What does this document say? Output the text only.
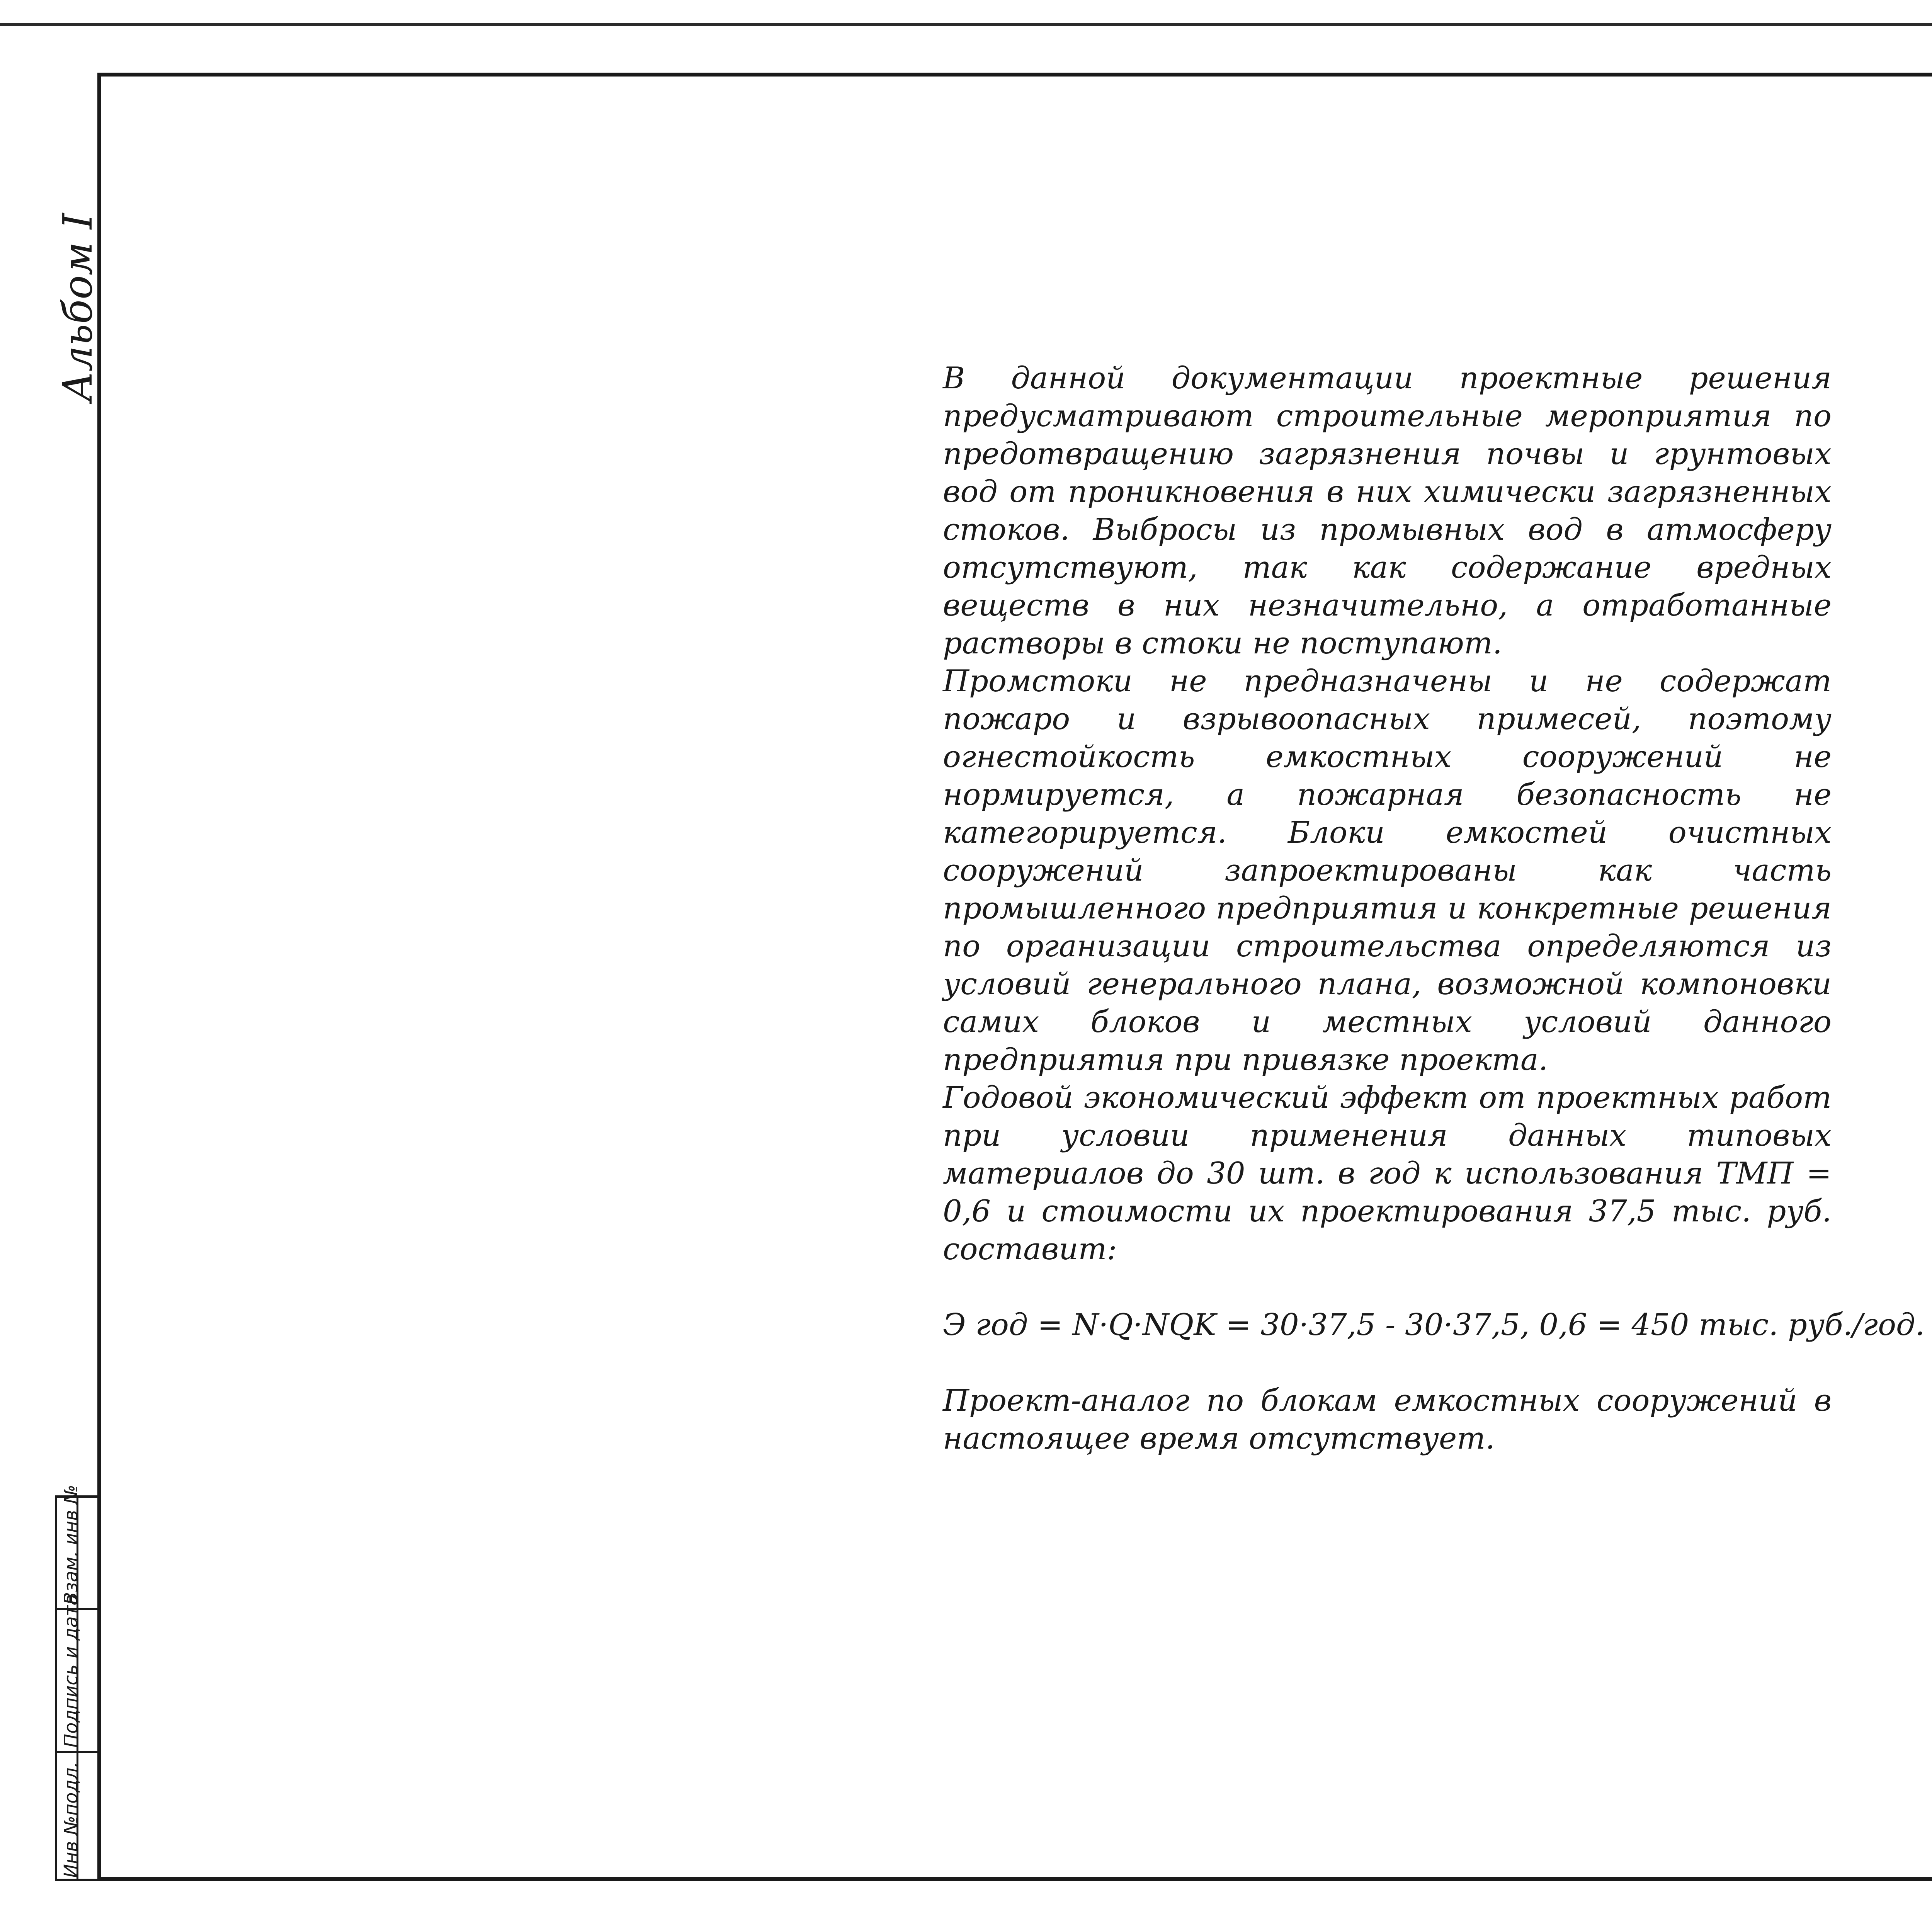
Альбом I
Взам. инв №
Подпись и дата
Инв №подл.

В данной документации проектные решения предусматривают строительные мероприятия по предотвращению загрязнения почвы и грунтовых вод от проникновения в них химически загрязненных стоков. Выбросы из промывных вод в атмосферу отсутствуют, так как содержание вредных веществ в них незначительно, а отработанные растворы в стоки не поступают.

Промстоки не предназначены и не содержат пожаро и взрывоопасных примесей, поэтому огнестойкость емкостных сооружений не нормируется, а пожарная безопасность не категорируется. Блоки емкостей очистных сооружений запроектированы как часть промышленного предприятия и конкретные решения по организации строительства определяются из условий генерального плана, возможной компоновки самих блоков и местных условий данного предприятия при привязке проекта.

Годовой экономический эффект от проектных работ при условии применения данных типовых материалов до 30 шт. в год к использования ТМП = 0,6 и стоимости их проектирования 37,5 тыс. руб. составит:

Э год = N·Q·NQK = 30·37,5 - 30·37,5, 0,6 = 450 тыс. руб./год.

Проект-аналог по блокам емкостных сооружений в настоящее время отсутствует.
